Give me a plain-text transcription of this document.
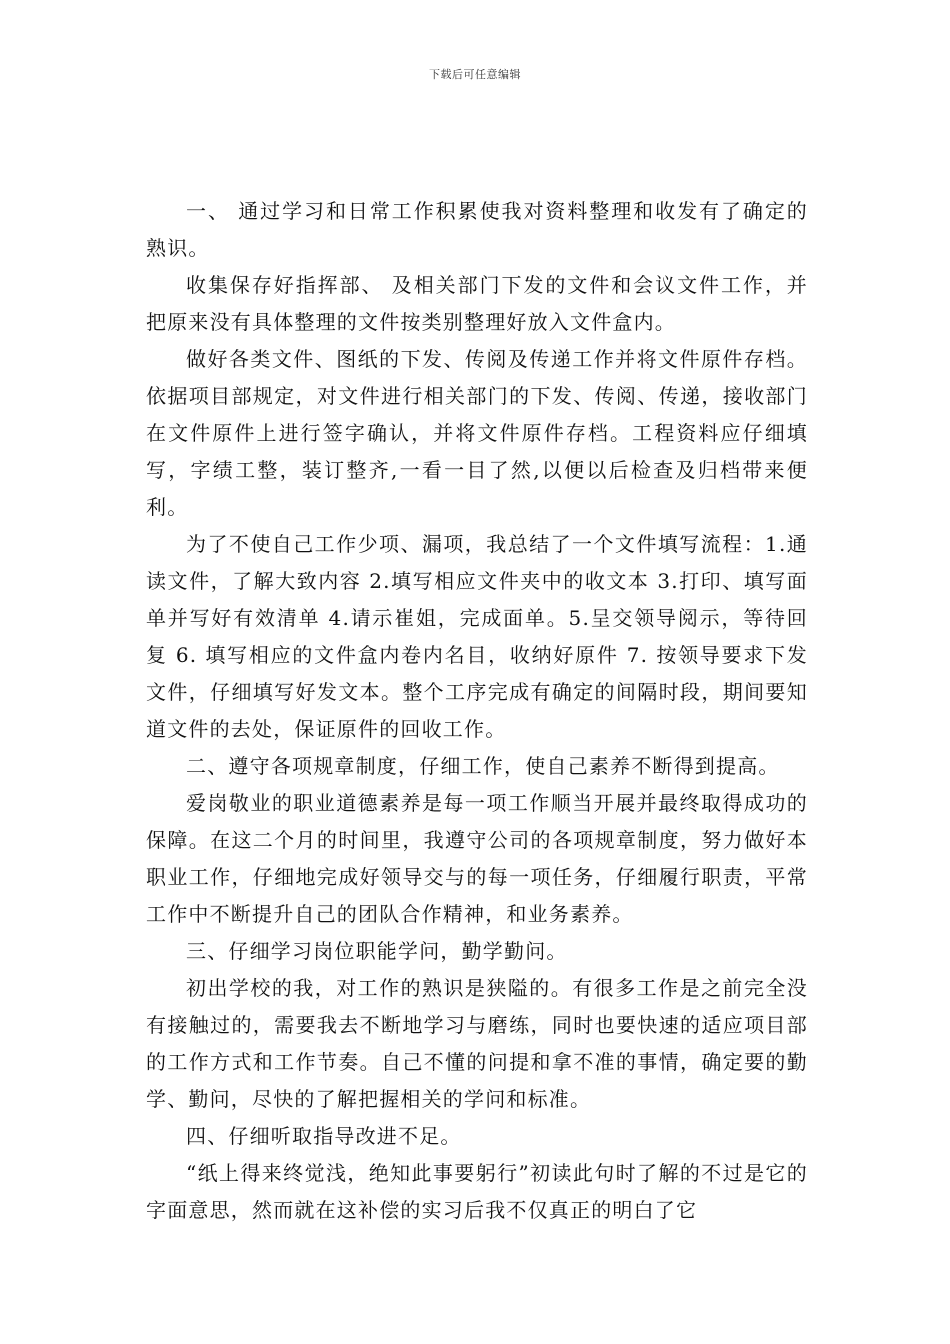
下载后可任意编辑

一、 通过学习和日常工作积累使我对资料整理和收发有了确定的熟识。

收集保存好指挥部、 及相关部门下发的文件和会议文件工作，并把原来没有具体整理的文件按类别整理好放入文件盒内。

做好各类文件、图纸的下发、传阅及传递工作并将文件原件存档。依据项目部规定，对文件进行相关部门的下发、传阅、传递，接收部门在文件原件上进行签字确认，并将文件原件存档。工程资料应仔细填写，字绩工整，装订整齐,一看一目了然,以便以后检查及归档带来便利。

为了不使自己工作少项、漏项，我总结了一个文件填写流程：1.通读文件，了解大致内容 2.填写相应文件夹中的收文本 3.打印、填写面单并写好有效清单 4.请示崔姐，完成面单。5.呈交领导阅示，等待回复 6. 填写相应的文件盒内卷内名目，收纳好原件 7. 按领导要求下发文件，仔细填写好发文本。整个工序完成有确定的间隔时段，期间要知道文件的去处，保证原件的回收工作。

二、遵守各项规章制度，仔细工作，使自己素养不断得到提高。

爱岗敬业的职业道德素养是每一项工作顺当开展并最终取得成功的保障。在这二个月的时间里，我遵守公司的各项规章制度，努力做好本职业工作，仔细地完成好领导交与的每一项任务，仔细履行职责，平常工作中不断提升自己的团队合作精神，和业务素养。

三、仔细学习岗位职能学问，勤学勤问。

初出学校的我，对工作的熟识是狭隘的。有很多工作是之前完全没有接触过的，需要我去不断地学习与磨练，同时也要快速的适应项目部的工作方式和工作节奏。自己不懂的问提和拿不准的事情，确定要的勤学、勤问，尽快的了解把握相关的学问和标准。

四、仔细听取指导改进不足。

“纸上得来终觉浅，绝知此事要躬行”初读此句时了解的不过是它的字面意思，然而就在这补偿的实习后我不仅真正的明白了它
